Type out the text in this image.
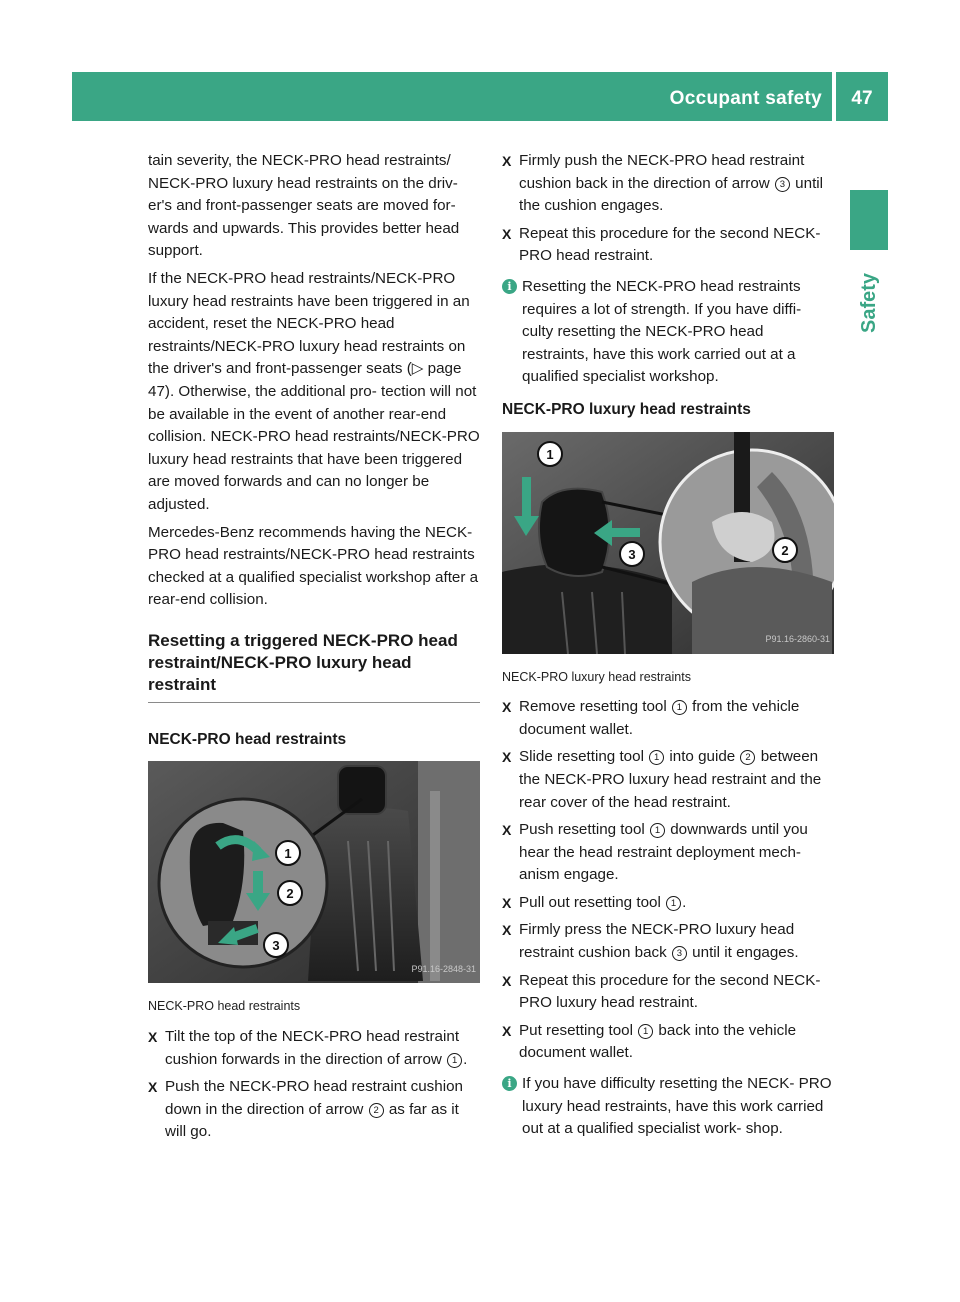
Occupant safety	47
Safety

tain severity, the NECK-PRO head restraints/ NECK-PRO luxury head restraints on the driv- er's and front-passenger seats are moved for- wards and upwards. This provides better head support.

If the NECK-PRO head restraints/NECK-PRO luxury head restraints have been triggered in an accident, reset the NECK-PRO head restraints/NECK-PRO luxury head restraints on the driver's and front-passenger seats (▷ page 47). Otherwise, the additional pro- tection will not be available in the event of another rear-end collision. NECK-PRO head restraints/NECK-PRO luxury head restraints that have been triggered are moved forwards and can no longer be adjusted.

Mercedes-Benz recommends having the NECK-PRO head restraints/NECK-PRO head restraints checked at a qualified specialist workshop after a rear-end collision.

Resetting a triggered NECK-PRO head restraint/NECK-PRO luxury head restraint
NECK-PRO head restraints
1
2
3
P91.16-2848-31
NECK-PRO head restraints
X Tilt the top of the NECK-PRO head restraint cushion forwards in the direction of arrow 1 .
X Push the NECK-PRO head restraint cushion down in the direction of arrow 2 as far as it will go.
X Firmly push the NECK-PRO head restraint cushion back in the direction of arrow 3 until the cushion engages.
X Repeat this procedure for the second NECK-PRO head restraint.
i Resetting the NECK-PRO head restraints requires a lot of strength. If you have diffi- culty resetting the NECK-PRO head restraints, have this work carried out at a qualified specialist workshop.
NECK-PRO luxury head restraints
1
2
3
P91.16-2860-31
NECK-PRO luxury head restraints
X Remove resetting tool 1 from the vehicle document wallet.
X Slide resetting tool 1 into guide 2 between the NECK-PRO luxury head restraint and the rear cover of the head restraint.
X Push resetting tool 1 downwards until you hear the head restraint deployment mech- anism engage.
X Pull out resetting tool 1 .
X Firmly press the NECK-PRO luxury head restraint cushion back 3 until it engages.
X Repeat this procedure for the second NECK-PRO luxury head restraint.
X Put resetting tool 1 back into the vehicle document wallet.
i If you have difficulty resetting the NECK- PRO luxury head restraints, have this work carried out at a qualified specialist work- shop.
